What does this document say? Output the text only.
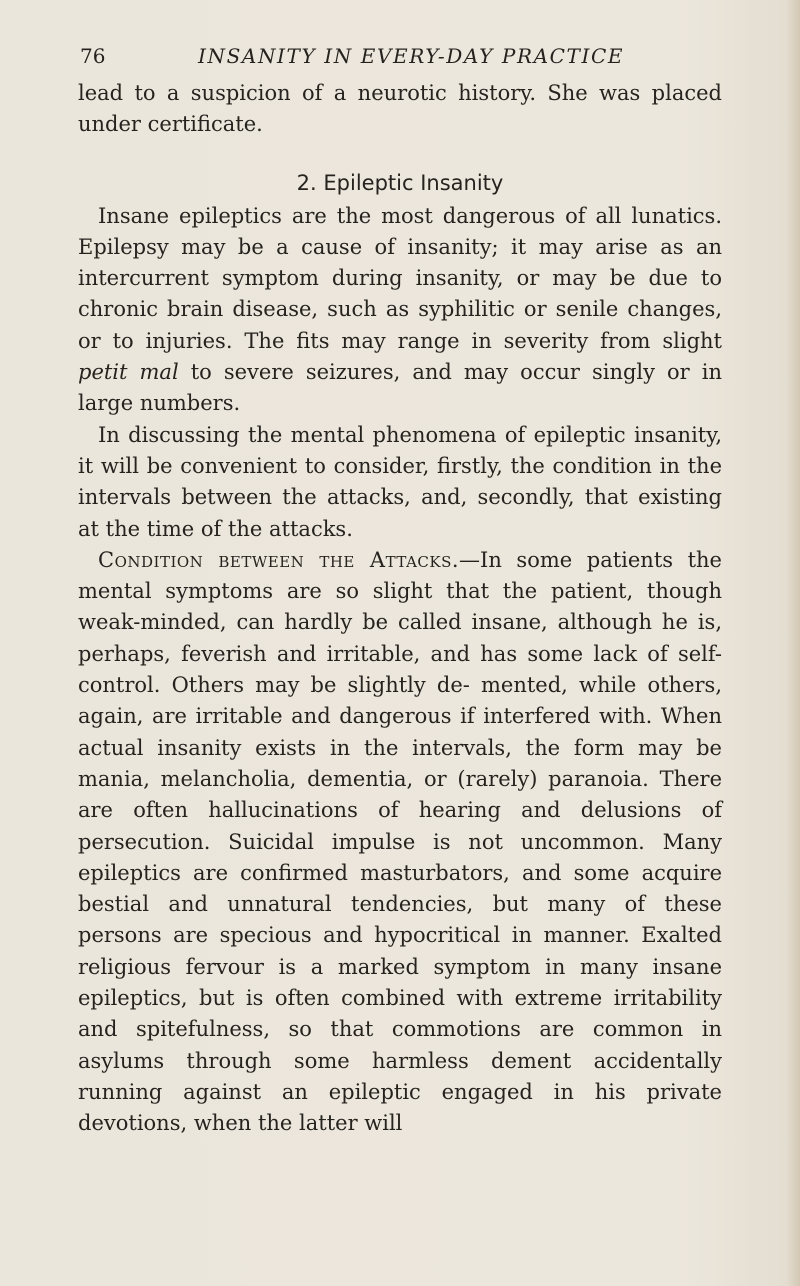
76	INSANITY IN EVERY-DAY PRACTICE

lead to a suspicion of a neurotic history. She was placed under certificate.

2. Epileptic Insanity

Insane epileptics are the most dangerous of all lunatics. Epilepsy may be a cause of insanity; it may arise as an intercurrent symptom during insanity, or may be due to chronic brain disease, such as syphilitic or senile changes, or to injuries. The fits may range in severity from slight petit mal to severe seizures, and may occur singly or in large numbers.

In discussing the mental phenomena of epileptic insanity, it will be convenient to consider, firstly, the condition in the intervals between the attacks, and, secondly, that existing at the time of the attacks.

Condition between the Attacks.—In some patients the mental symptoms are so slight that the patient, though weak-minded, can hardly be called insane, although he is, perhaps, feverish and irritable, and has some lack of self-control. Others may be slightly de- mented, while others, again, are irritable and dangerous if interfered with. When actual insanity exists in the intervals, the form may be mania, melancholia, dementia, or (rarely) paranoia. There are often hallucinations of hearing and delusions of persecution. Suicidal impulse is not uncommon. Many epileptics are confirmed masturbators, and some acquire bestial and unnatural tendencies, but many of these persons are specious and hypocritical in manner. Exalted religious fervour is a marked symptom in many insane epileptics, but is often combined with extreme irritability and spitefulness, so that commotions are common in asylums through some harmless dement accidentally running against an epileptic engaged in his private devotions, when the latter will
